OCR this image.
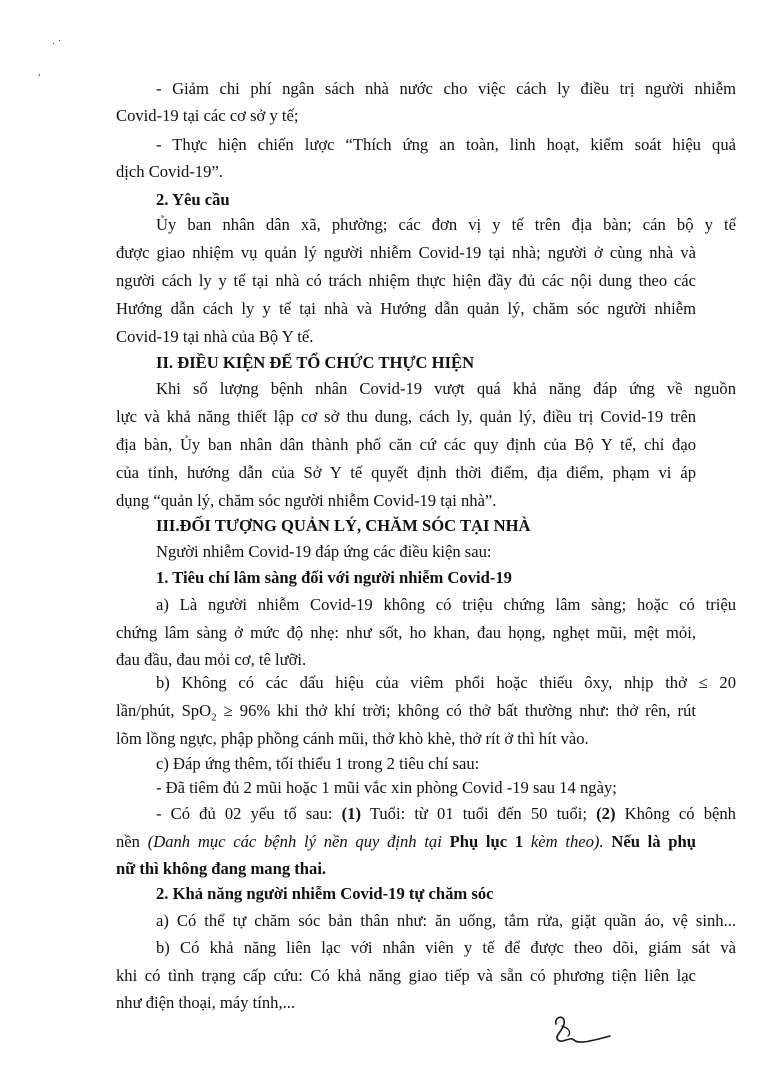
· ˙
,
- Giảm chi phí ngân sách nhà nước cho việc cách ly điều trị người nhiễm
Covid-19 tại các cơ sở y tế;
- Thực hiện chiến lược “Thích ứng an toàn, linh hoạt, kiểm soát hiệu quả
dịch Covid-19”.
2. Yêu cầu
Ủy ban nhân dân xã, phường; các đơn vị y tế trên địa bàn; cán bộ y tế
được giao nhiệm vụ quản lý người nhiễm Covid-19 tại nhà; người ở cùng nhà và
người cách ly y tế tại nhà có trách nhiệm thực hiện đầy đủ các nội dung theo các
Hướng dẫn cách ly y tế tại nhà và Hướng dẫn quản lý, chăm sóc người nhiễm
Covid-19 tại nhà của Bộ Y tế.
II. ĐIỀU KIỆN ĐỂ TỔ CHỨC THỰC HIỆN
Khi số lượng bệnh nhân Covid-19 vượt quá khả năng đáp ứng về nguồn
lực và khả năng thiết lập cơ sở thu dung, cách ly, quản lý, điều trị Covid-19 trên
địa bàn, Ủy ban nhân dân thành phố căn cứ các quy định của Bộ Y tế, chỉ đạo
của tỉnh, hướng dẫn của Sở Y tế quyết định thời điểm, địa điểm, phạm vi áp
dụng “quản lý, chăm sóc người nhiễm Covid-19 tại nhà”.
III.ĐỐI TƯỢNG QUẢN LÝ, CHĂM SÓC TẠI NHÀ
Người nhiễm Covid-19 đáp ứng các điều kiện sau:
1. Tiêu chí lâm sàng đối với người nhiễm Covid-19
a) Là người nhiễm Covid-19 không có triệu chứng lâm sàng; hoặc có triệu
chứng lâm sàng ở mức độ nhẹ: như sốt, ho khan, đau họng, nghẹt mũi, mệt mỏi,
đau đầu, đau mỏi cơ, tê lưỡi.
b) Không có các dấu hiệu của viêm phổi hoặc thiếu ôxy, nhịp thở ≤ 20
lần/phút, SpO$_2$ ≥ 96% khi thở khí trời; không có thở bất thường như: thở rên, rút
lõm lồng ngực, phập phồng cánh mũi, thở khò khè, thở rít ở thì hít vào.
c) Đáp ứng thêm, tối thiểu 1 trong 2 tiêu chí sau:
- Đã tiêm đủ 2 mũi hoặc 1 mũi vắc xin phòng Covid -19 sau 14 ngày;
- Có đủ 02 yếu tố sau: (1) Tuổi: từ 01 tuổi đến 50 tuổi; (2) Không có bệnh
nền (Danh mục các bệnh lý nền quy định tại Phụ lục 1 kèm theo). Nếu là phụ
nữ thì không đang mang thai.
2. Khả năng người nhiễm Covid-19 tự chăm sóc
a) Có thể tự chăm sóc bản thân như: ăn uống, tắm rửa, giặt quần áo, vệ sinh...
b) Có khả năng liên lạc với nhân viên y tế để được theo dõi, giám sát và
khi có tình trạng cấp cứu: Có khả năng giao tiếp và sẵn có phương tiện liên lạc
như điện thoại, máy tính,...
